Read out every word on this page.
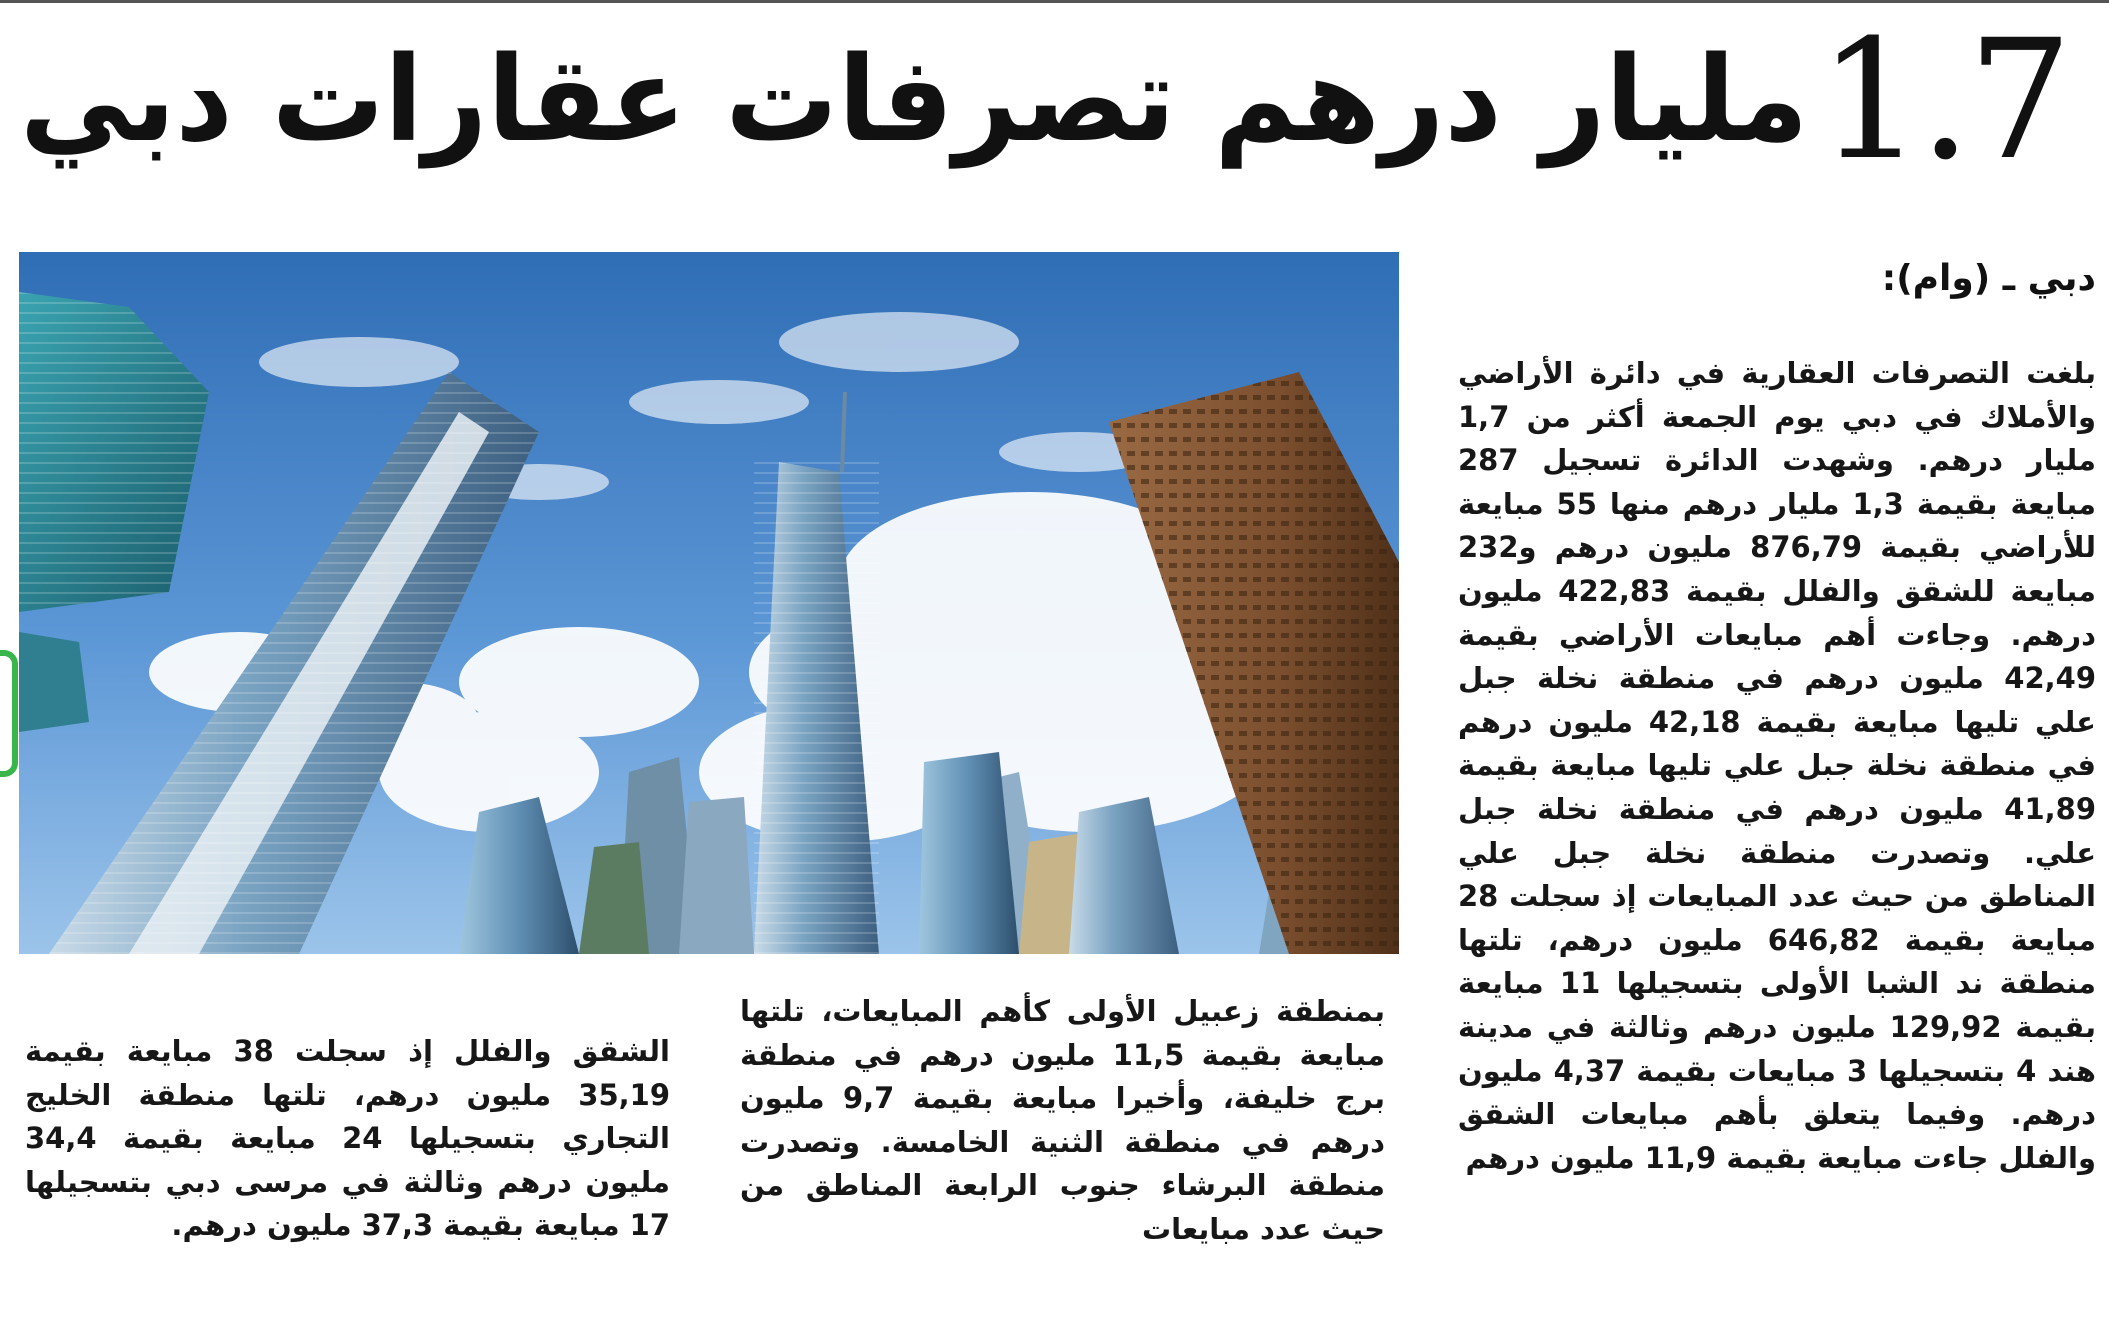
1.7
مليار درهم تصرفات عقارات دبي
دبي ـ (وام):

بلغت التصرفات العقارية في دائرة الأراضي والأملاك في دبي يوم الجمعة أكثر من 1,7 مليار درهم. وشهدت الدائرة تسجيل 287 مبايعة بقيمة 1,3 مليار درهم منها 55 مبايعة للأراضي بقيمة 876,79 مليون درهم و232 مبايعة للشقق والفلل بقيمة 422,83 مليون درهم. وجاءت أهم مبايعات الأراضي بقيمة 42,49 مليون درهم في منطقة نخلة جبل علي تليها مبايعة بقيمة 42,18 مليون درهم في منطقة نخلة جبل علي تليها مبايعة بقيمة 41,89 مليون درهم في منطقة نخلة جبل علي. وتصدرت منطقة نخلة جبل علي المناطق من حيث عدد المبايعات إذ سجلت 28 مبايعة بقيمة 646,82 مليون درهم، تلتها منطقة ند الشبا الأولى بتسجيلها 11 مبايعة بقيمة 129,92 مليون درهم وثالثة في مدينة هند 4 بتسجيلها 3 مبايعات بقيمة 4,37 مليون درهم. وفيما يتعلق بأهم مبايعات الشقق والفلل جاءت مبايعة بقيمة 11,9 مليون درهم

بمنطقة زعبيل الأولى كأهم المبايعات، تلتها مبايعة بقيمة 11,5 مليون درهم في منطقة برج خليفة، وأخيرا مبايعة بقيمة 9,7 مليون درهم في منطقة الثنية الخامسة. وتصدرت منطقة البرشاء جنوب الرابعة المناطق من حيث عدد مبايعات

الشقق والفلل إذ سجلت 38 مبايعة بقيمة 35,19 مليون درهم، تلتها منطقة الخليج التجاري بتسجيلها 24 مبايعة بقيمة 34,4 مليون درهم وثالثة في مرسى دبي بتسجيلها 17 مبايعة بقيمة 37,3 مليون درهم.
